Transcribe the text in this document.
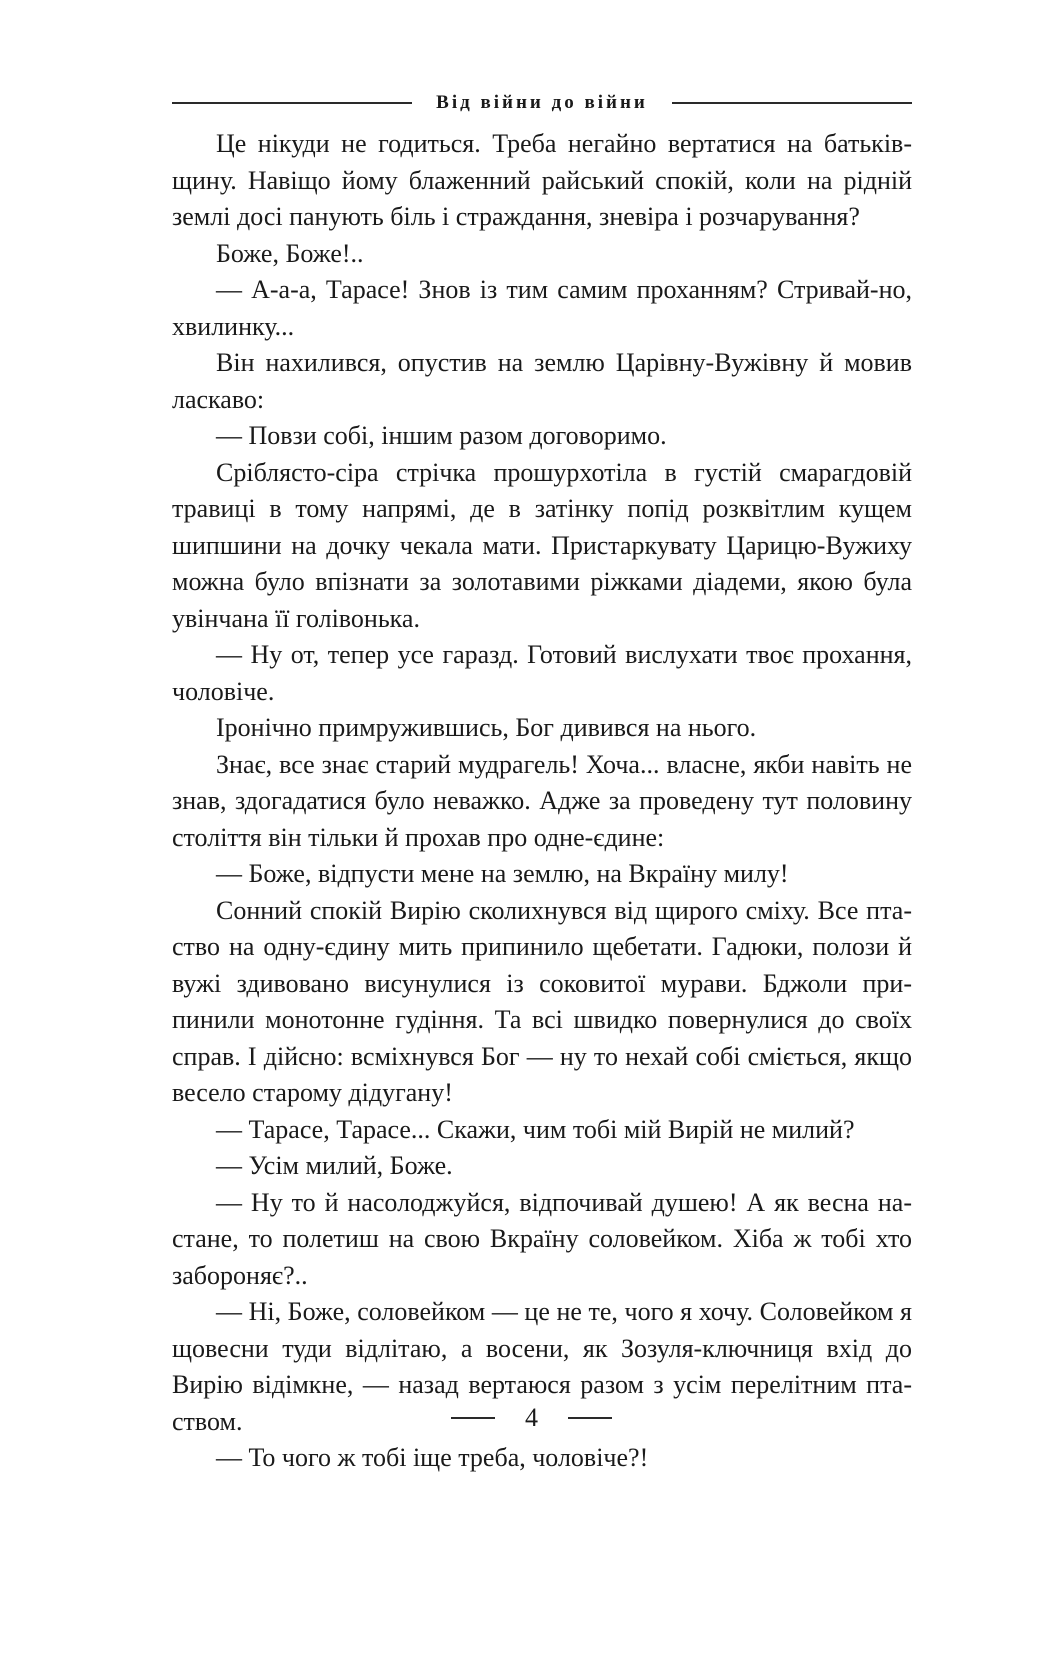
Від війни до війни

Це нікуди не годиться. Треба негайно вертатися на батьківщину. Навіщо йому блаженний райський спокій, коли на рідній землі досі панують біль і страждання, зневіра і розчарування?

Боже, Боже!..

— А-а-а, Тарасе! Знов із тим самим проханням? Стривай-но, хвилинку...

Він нахилився, опустив на землю Царівну-Вужівну й мовив ласкаво:

— Повзи собі, іншим разом договоримо.

Сріблясто-сіра стрічка прошурхотіла в густій смарагдовій травиці в тому напрямі, де в затінку попід розквітлим кущем шипшини на дочку чекала мати. Пристаркувату Царицю-Вужиху можна було впізнати за золотавими ріжками діадеми, якою була увінчана її голівонька.

— Ну от, тепер усе гаразд. Готовий вислухати твоє прохання, чоловіче.

Іронічно примружившись, Бог дивився на нього.

Знає, все знає старий мудрагель! Хоча... власне, якби навіть не знав, здогадатися було неважко. Адже за проведену тут половину століття він тільки й прохав про одне-єдине:

— Боже, відпусти мене на землю, на Вкраїну милу!

Сонний спокій Вирію сколихнувся від щирого сміху. Все птаство на одну-єдину мить припинило щебетати. Гадюки, полози й вужі здивовано висунулися із соковитої мурави. Бджоли припинили монотонне гудіння. Та всі швидко повернулися до своїх справ. І дійсно: всміхнувся Бог — ну то нехай собі сміється, якщо весело старому дідугану!

— Тарасе, Тарасе... Скажи, чим тобі мій Вирій не милий?

— Усім милий, Боже.

— Ну то й насолоджуйся, відпочивай душею! А як весна настане, то полетиш на свою Вкраїну соловейком. Хіба ж тобі хто забороняє?..

— Ні, Боже, соловейком — це не те, чого я хочу. Соловейком я щовесни туди відлітаю, а восени, як Зозуля-ключниця вхід до Вирію відімкне, — назад вертаюся разом з усім перелітним птаством.

— То чого ж тобі іще треба, чоловіче?!

4
